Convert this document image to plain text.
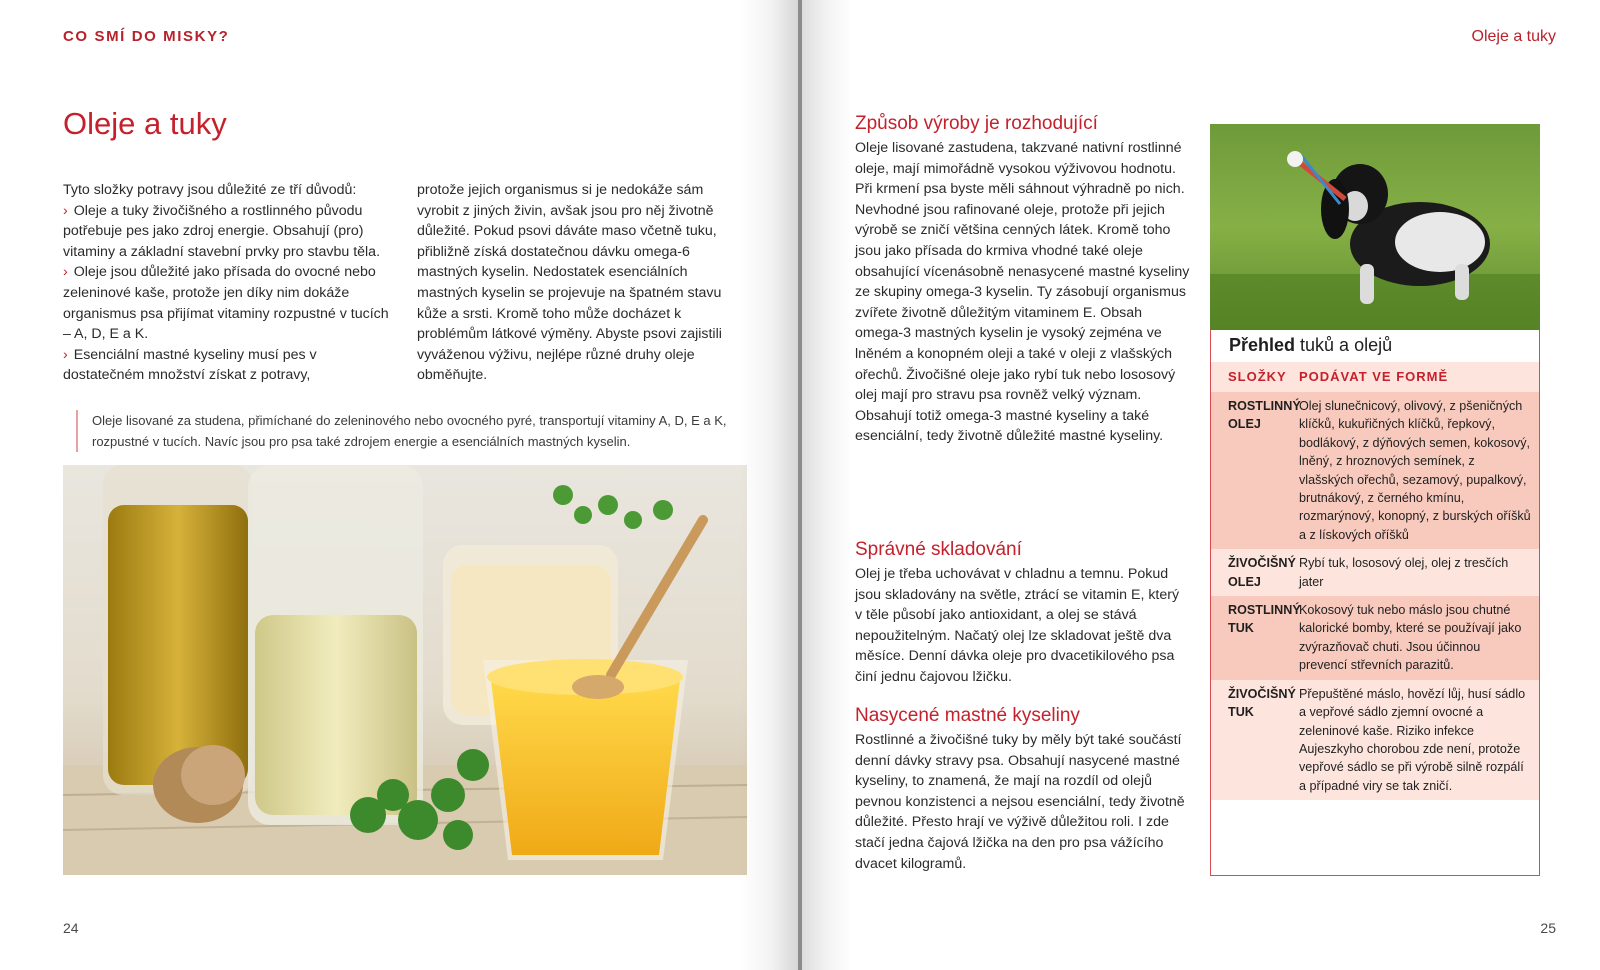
CO SMÍ DO MISKY?
Oleje a tuky

Tyto složky potravy jsou důležité ze tří důvodů:

› Oleje a tuky živočišného a rostlinného původu potřebuje pes jako zdroj energie. Obsahují (pro) vitaminy a základní stavební prvky pro stavbu těla.

› Oleje jsou důležité jako přísada do ovocné nebo zeleninové kaše, protože jen díky nim dokáže organismus psa přijímat vitaminy rozpustné v tucích – A, D, E a K.

› Esenciální mastné kyseliny musí pes v dostatečném množství získat z potravy,

protože jejich organismus si je nedokáže sám vyrobit z jiných živin, avšak jsou pro něj životně důležité. Pokud psovi dáváte maso včetně tuku, přibližně získá dostatečnou dávku omega-6 mastných kyselin. Nedostatek esenciálních mastných kyselin se projevuje na špatném stavu kůže a srsti. Kromě toho může docházet k problémům látkové výměny. Abyste psovi zajistili vyváženou výživu, nejlépe různé druhy oleje obměňujte.

Oleje lisované za studena, přimíchané do zeleninového nebo ovocného pyré, transportují vitaminy A, D, E a K, rozpustné v tucích. Navíc jsou pro psa také zdrojem energie a esenciálních mastných kyselin.
24
Oleje a tuky
Způsob výroby je rozhodující
Oleje lisované zastudena, takzvané nativní rostlinné oleje, mají mimořádně vysokou výživovou hodnotu. Při krmení psa byste měli sáhnout výhradně po nich. Nevhodné jsou rafinované oleje, protože při jejich výrobě se zničí většina cenných látek. Kromě toho jsou jako přísada do krmiva vhodné také oleje obsahující vícenásobně nenasycené mastné kyseliny ze skupiny omega-3 kyselin. Ty zásobují organismus zvířete životně důležitým vitaminem E. Obsah omega-3 mastných kyselin je vysoký zejména ve lněném a konopném oleji a také v oleji z vlašských ořechů. Živočišné oleje jako rybí tuk nebo lososový olej mají pro stravu psa rovněž velký význam. Obsahují totiž omega-3 mastné kyseliny a také esenciální, tedy životně důležité mastné kyseliny.
Správné skladování
Olej je třeba uchovávat v chladnu a temnu. Pokud jsou skladovány na světle, ztrácí se vitamin E, který v těle působí jako antioxidant, a olej se stává nepoužitelným. Načatý olej lze skladovat ještě dva měsíce. Denní dávka oleje pro dvacetikilového psa činí jednu čajovou lžičku.
Nasycené mastné kyseliny
Rostlinné a živočišné tuky by měly být také součástí denní dávky stravy psa. Obsahují nasycené mastné kyseliny, to znamená, že mají na rozdíl od olejů pevnou konzistenci a nejsou esenciální, tedy životně důležité. Přesto hrají ve výživě důležitou roli. I zde stačí jedna čajová lžička na den pro psa vážícího dvacet kilogramů.
Přehled tuků a olejů
SLOŽKY PODÁVAT VE FORMĚ
ROSTLINNÝ OLEJ
Olej slunečnicový, olivový, z pšeničných klíčků, kukuřičných klíčků, řepkový, bodlákový, z dýňových semen, kokosový, lněný, z hroznových semínek, z vlašských ořechů, sezamový, pupalkový, brutnákový, z černého kmínu, rozmarýnový, konopný, z burských oříšků a z lískových oříšků
ŽIVOČIŠNÝ OLEJ
Rybí tuk, lososový olej, olej z tresčích jater
ROSTLINNÝ TUK
Kokosový tuk nebo máslo jsou chutné kalorické bomby, které se používají jako zvýrazňovač chuti. Jsou účinnou prevencí střevních parazitů.
ŽIVOČIŠNÝ TUK
Přepuštěné máslo, hovězí lůj, husí sádlo a vepřové sádlo zjemní ovocné a zeleninové kaše. Riziko infekce Aujeszkyho chorobou zde není, protože vepřové sádlo se při výrobě silně rozpálí a případné viry se tak zničí.
25
